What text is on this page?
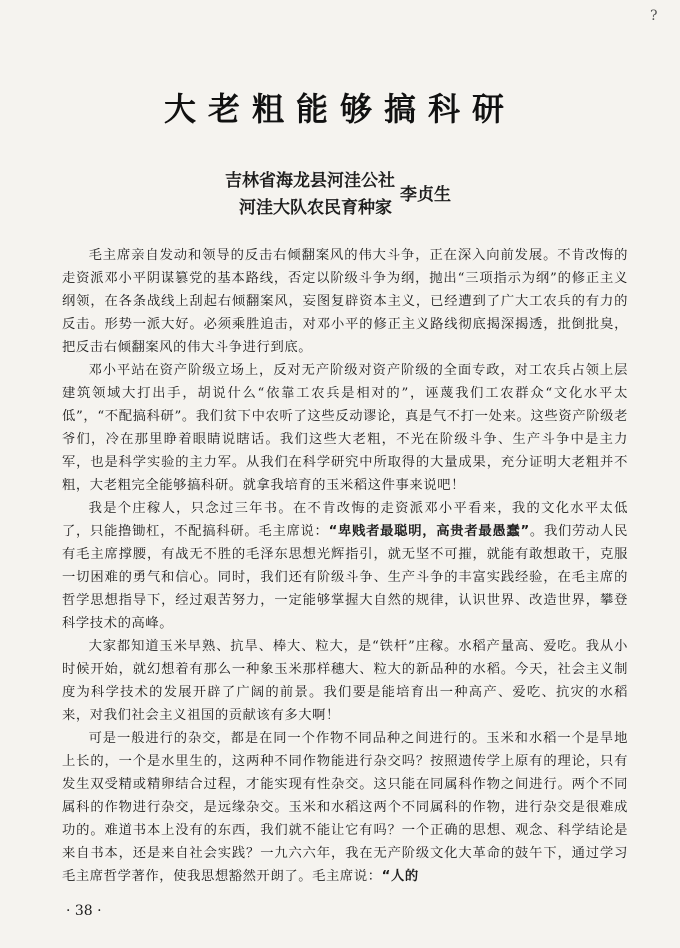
?
大老粗能够搞科研
吉林省海龙县河洼公社
河洼大队农民育种家
李贞生

毛主席亲自发动和领导的反击右倾翻案风的伟大斗争，正在深入向前发展。不肯改悔的走资派邓小平阴谋篡党的基本路线，否定以阶级斗争为纲，抛出“三项指示为纲”的修正主义纲领，在各条战线上刮起右倾翻案风，妄图复辟资本主义，已经遭到了广大工农兵的有力的反击。形势一派大好。必须乘胜追击，对邓小平的修正主义路线彻底揭深揭透，批倒批臭，把反击右倾翻案风的伟大斗争进行到底。

邓小平站在资产阶级立场上，反对无产阶级对资产阶级的全面专政，对工农兵占领上层建筑领域大打出手，胡说什么“依靠工农兵是相对的”，诬蔑我们工农群众“文化水平太低”，“不配搞科研”。我们贫下中农听了这些反动谬论，真是气不打一处来。这些资产阶级老爷们，冷在那里睁着眼睛说瞎话。我们这些大老粗，不光在阶级斗争、生产斗争中是主力军，也是科学实验的主力军。从我们在科学研究中所取得的大量成果，充分证明大老粗并不粗，大老粗完全能够搞科研。就拿我培育的玉米稻这件事来说吧！

我是个庄稼人，只念过三年书。在不肯改悔的走资派邓小平看来，我的文化水平太低了，只能撸锄杠，不配搞科研。毛主席说：“卑贱者最聪明，高贵者最愚蠢”。我们劳动人民有毛主席撑腰，有战无不胜的毛泽东思想光辉指引，就无坚不可摧，就能有敢想敢干，克服一切困难的勇气和信心。同时，我们还有阶级斗争、生产斗争的丰富实践经验，在毛主席的哲学思想指导下，经过艰苦努力，一定能够掌握大自然的规律，认识世界、改造世界，攀登科学技术的高峰。

大家都知道玉米早熟、抗旱、棒大、粒大，是“铁杆”庄稼。水稻产量高、爱吃。我从小时候开始，就幻想着有那么一种象玉米那样穗大、粒大的新品种的水稻。今天，社会主义制度为科学技术的发展开辟了广阔的前景。我们要是能培育出一种高产、爱吃、抗灾的水稻来，对我们社会主义祖国的贡献该有多大啊！

可是一般进行的杂交，都是在同一个作物不同品种之间进行的。玉米和水稻一个是旱地上长的，一个是水里生的，这两种不同作物能进行杂交吗？按照遗传学上原有的理论，只有发生双受精或精卵结合过程，才能实现有性杂交。这只能在同属科作物之间进行。两个不同属科的作物进行杂交，是远缘杂交。玉米和水稻这两个不同属科的作物，进行杂交是很难成功的。难道书本上没有的东西，我们就不能让它有吗？一个正确的思想、观念、科学结论是来自书本，还是来自社会实践？一九六六年，我在无产阶级文化大革命的鼓午下，通过学习毛主席哲学著作，使我思想豁然开朗了。毛主席说：“人的

· 38 ·
